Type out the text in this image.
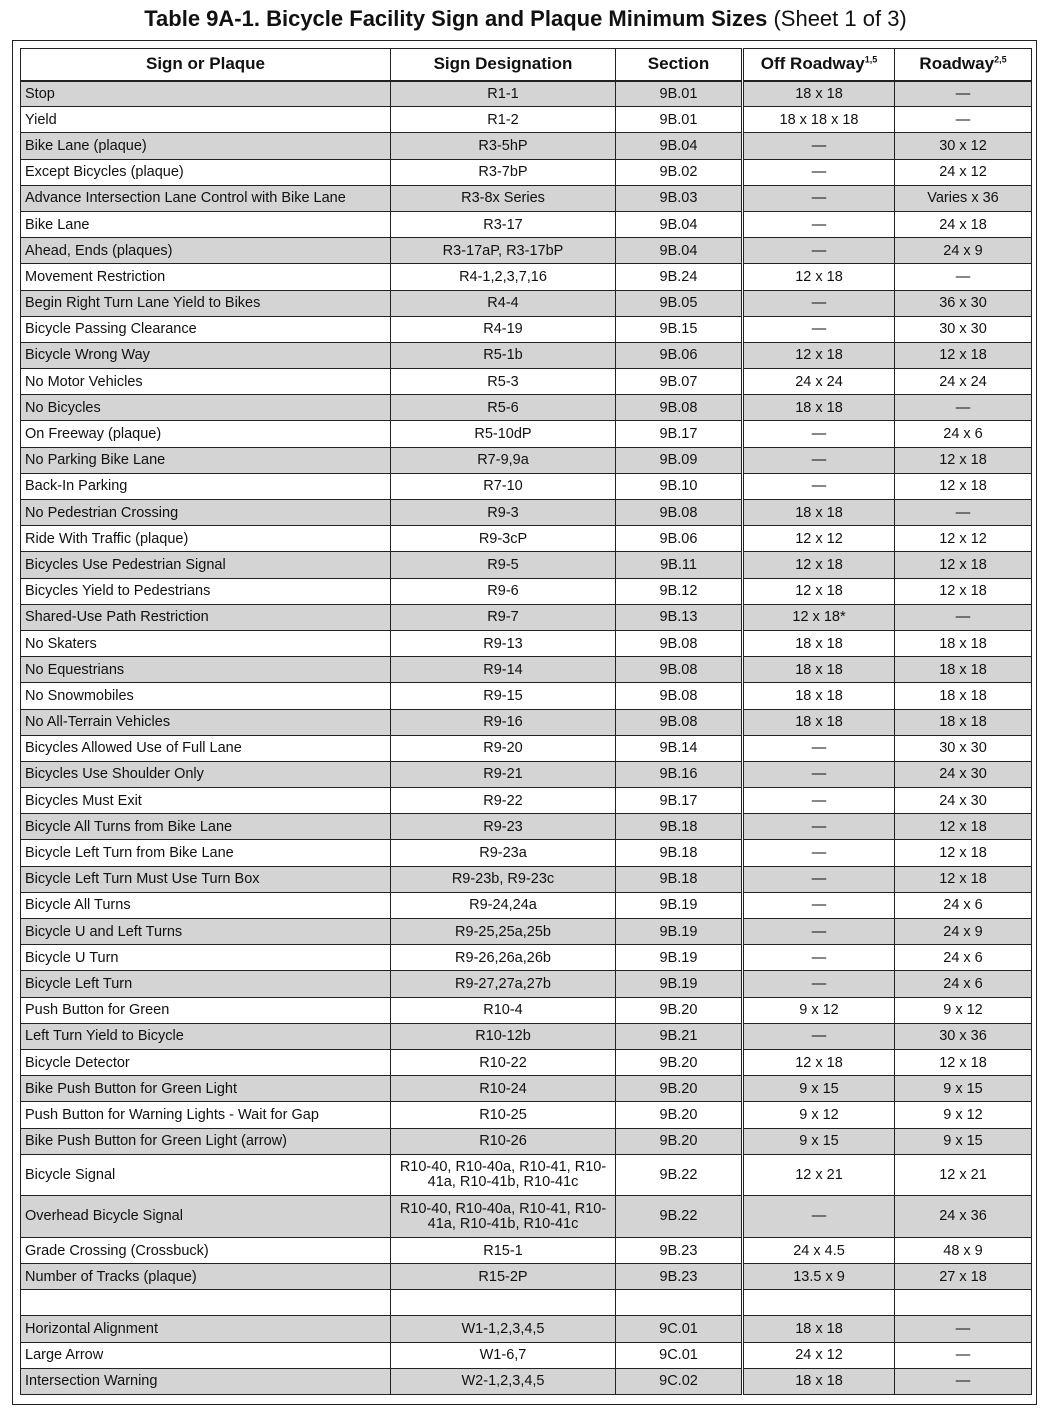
Table 9A-1. Bicycle Facility Sign and Plaque Minimum Sizes (Sheet 1 of 3)
Sign or Plaque	Sign Designation	Section	Off Roadway$^{1,5}$	Roadway$^{2,5}$
Stop	R1-1	9B.01	18 x 18	—
Yield	R1-2	9B.01	18 x 18 x 18	—
Bike Lane (plaque)	R3-5hP	9B.04	—	30 x 12
Except Bicycles (plaque)	R3-7bP	9B.02	—	24 x 12
Advance Intersection Lane Control with Bike Lane	R3-8x Series	9B.03	—	Varies x 36
Bike Lane	R3-17	9B.04	—	24 x 18
Ahead, Ends (plaques)	R3-17aP, R3-17bP	9B.04	—	24 x 9
Movement Restriction	R4-1,2,3,7,16	9B.24	12 x 18	—
Begin Right Turn Lane Yield to Bikes	R4-4	9B.05	—	36 x 30
Bicycle Passing Clearance	R4-19	9B.15	—	30 x 30
Bicycle Wrong Way	R5-1b	9B.06	12 x 18	12 x 18
No Motor Vehicles	R5-3	9B.07	24 x 24	24 x 24
No Bicycles	R5-6	9B.08	18 x 18	—
On Freeway (plaque)	R5-10dP	9B.17	—	24 x 6
No Parking Bike Lane	R7-9,9a	9B.09	—	12 x 18
Back-In Parking	R7-10	9B.10	—	12 x 18
No Pedestrian Crossing	R9-3	9B.08	18 x 18	—
Ride With Traffic (plaque)	R9-3cP	9B.06	12 x 12	12 x 12
Bicycles Use Pedestrian Signal	R9-5	9B.11	12 x 18	12 x 18
Bicycles Yield to Pedestrians	R9-6	9B.12	12 x 18	12 x 18
Shared-Use Path Restriction	R9-7	9B.13	12 x 18*	—
No Skaters	R9-13	9B.08	18 x 18	18 x 18
No Equestrians	R9-14	9B.08	18 x 18	18 x 18
No Snowmobiles	R9-15	9B.08	18 x 18	18 x 18
No All-Terrain Vehicles	R9-16	9B.08	18 x 18	18 x 18
Bicycles Allowed Use of Full Lane	R9-20	9B.14	—	30 x 30
Bicycles Use Shoulder Only	R9-21	9B.16	—	24 x 30
Bicycles Must Exit	R9-22	9B.17	—	24 x 30
Bicycle All Turns from Bike Lane	R9-23	9B.18	—	12 x 18
Bicycle Left Turn from Bike Lane	R9-23a	9B.18	—	12 x 18
Bicycle Left Turn Must Use Turn Box	R9-23b, R9-23c	9B.18	—	12 x 18
Bicycle All Turns	R9-24,24a	9B.19	—	24 x 6
Bicycle U and Left Turns	R9-25,25a,25b	9B.19	—	24 x 9
Bicycle U Turn	R9-26,26a,26b	9B.19	—	24 x 6
Bicycle Left Turn	R9-27,27a,27b	9B.19	—	24 x 6
Push Button for Green	R10-4	9B.20	9 x 12	9 x 12
Left Turn Yield to Bicycle	R10-12b	9B.21	—	30 x 36
Bicycle Detector	R10-22	9B.20	12 x 18	12 x 18
Bike Push Button for Green Light	R10-24	9B.20	9 x 15	9 x 15
Push Button for Warning Lights - Wait for Gap	R10-25	9B.20	9 x 12	9 x 12
Bike Push Button for Green Light (arrow)	R10-26	9B.20	9 x 15	9 x 15
Bicycle Signal	R10-40, R10-40a, R10-41, R10-41a, R10-41b, R10-41c	9B.22	12 x 21	12 x 21
Overhead Bicycle Signal	R10-40, R10-40a, R10-41, R10-41a, R10-41b, R10-41c	9B.22	—	24 x 36
Grade Crossing (Crossbuck)	R15-1	9B.23	24 x 4.5	48 x 9
Number of Tracks (plaque)	R15-2P	9B.23	13.5 x 9	27 x 18

Horizontal Alignment	W1-1,2,3,4,5	9C.01	18 x 18	—
Large Arrow	W1-6,7	9C.01	24 x 12	—
Intersection Warning	W2-1,2,3,4,5	9C.02	18 x 18	—
